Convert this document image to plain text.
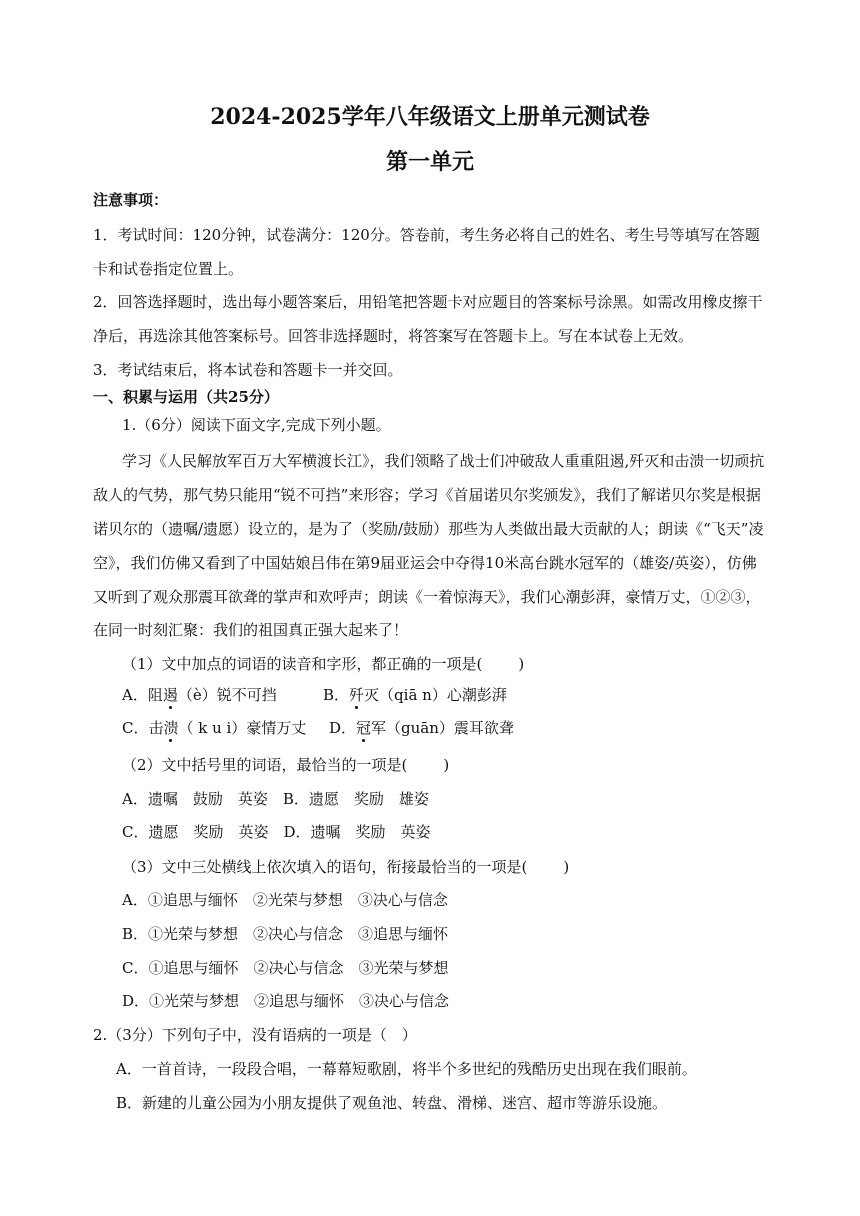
2024-2025学年八年级语文上册单元测试卷
第一单元
注意事项：
1．考试时间：120分钟，试卷满分：120分。答卷前，考生务必将自己的姓名、考生号等填写在答题
卡和试卷指定位置上。
2．回答选择题时，选出每小题答案后，用铅笔把答题卡对应题目的答案标号涂黑。如需改用橡皮擦干
净后，再选涂其他答案标号。回答非选择题时，将答案写在答题卡上。写在本试卷上无效。
3．考试结束后，将本试卷和答题卡一并交回。
一、积累与运用（共25分）
1.（6分）阅读下面文字,完成下列小题。
学习《人民解放军百万大军横渡长江》，我们领略了战士们冲破敌人重重阻遏,歼灭和击溃一切顽抗
敌人的气势，那气势只能用“锐不可挡”来形容；学习《首届诺贝尔奖颁发》，我们了解诺贝尔奖是根据
诺贝尔的（遗嘱/遗愿）设立的，是为了（奖励/鼓励）那些为人类做出最大贡献的人；朗读《“飞天”凌
空》，我们仿佛又看到了中国姑娘吕伟在第9届亚运会中夺得10米高台跳水冠军的（雄姿/英姿），仿佛
又听到了观众那震耳欲聋的掌声和欢呼声；朗读《一着惊海天》，我们心潮彭湃，豪情万丈，①②③，
在同一时刻汇聚：我们的祖国真正强大起来了！
（1）文中加点的词语的读音和字形，都正确的一项是( )
A．阻遏（è）锐不可挡	B．歼灭（qiā n）心潮彭湃
C．击溃（ k u i）豪情万丈 D．冠军（guān）震耳欲聋
（2）文中括号里的词语，最恰当的一项是( )
A．遗嘱　鼓励　英姿　B．遗愿　奖励　雄姿
C．遗愿　奖励　英姿　D．遗嘱　奖励　英姿
（3）文中三处横线上依次填入的语句，衔接最恰当的一项是( )
A．①追思与缅怀　②光荣与梦想　③决心与信念
B．①光荣与梦想　②决心与信念　③追思与缅怀
C．①追思与缅怀　②决心与信念　③光荣与梦想
D．①光荣与梦想　②追思与缅怀　③决心与信念
2.（3分）下列句子中，没有语病的一项是（　）
A．一首首诗，一段段合唱，一幕幕短歌剧，将半个多世纪的残酷历史出现在我们眼前。
B．新建的儿童公园为小朋友提供了观鱼池、转盘、滑梯、迷宫、超市等游乐设施。
